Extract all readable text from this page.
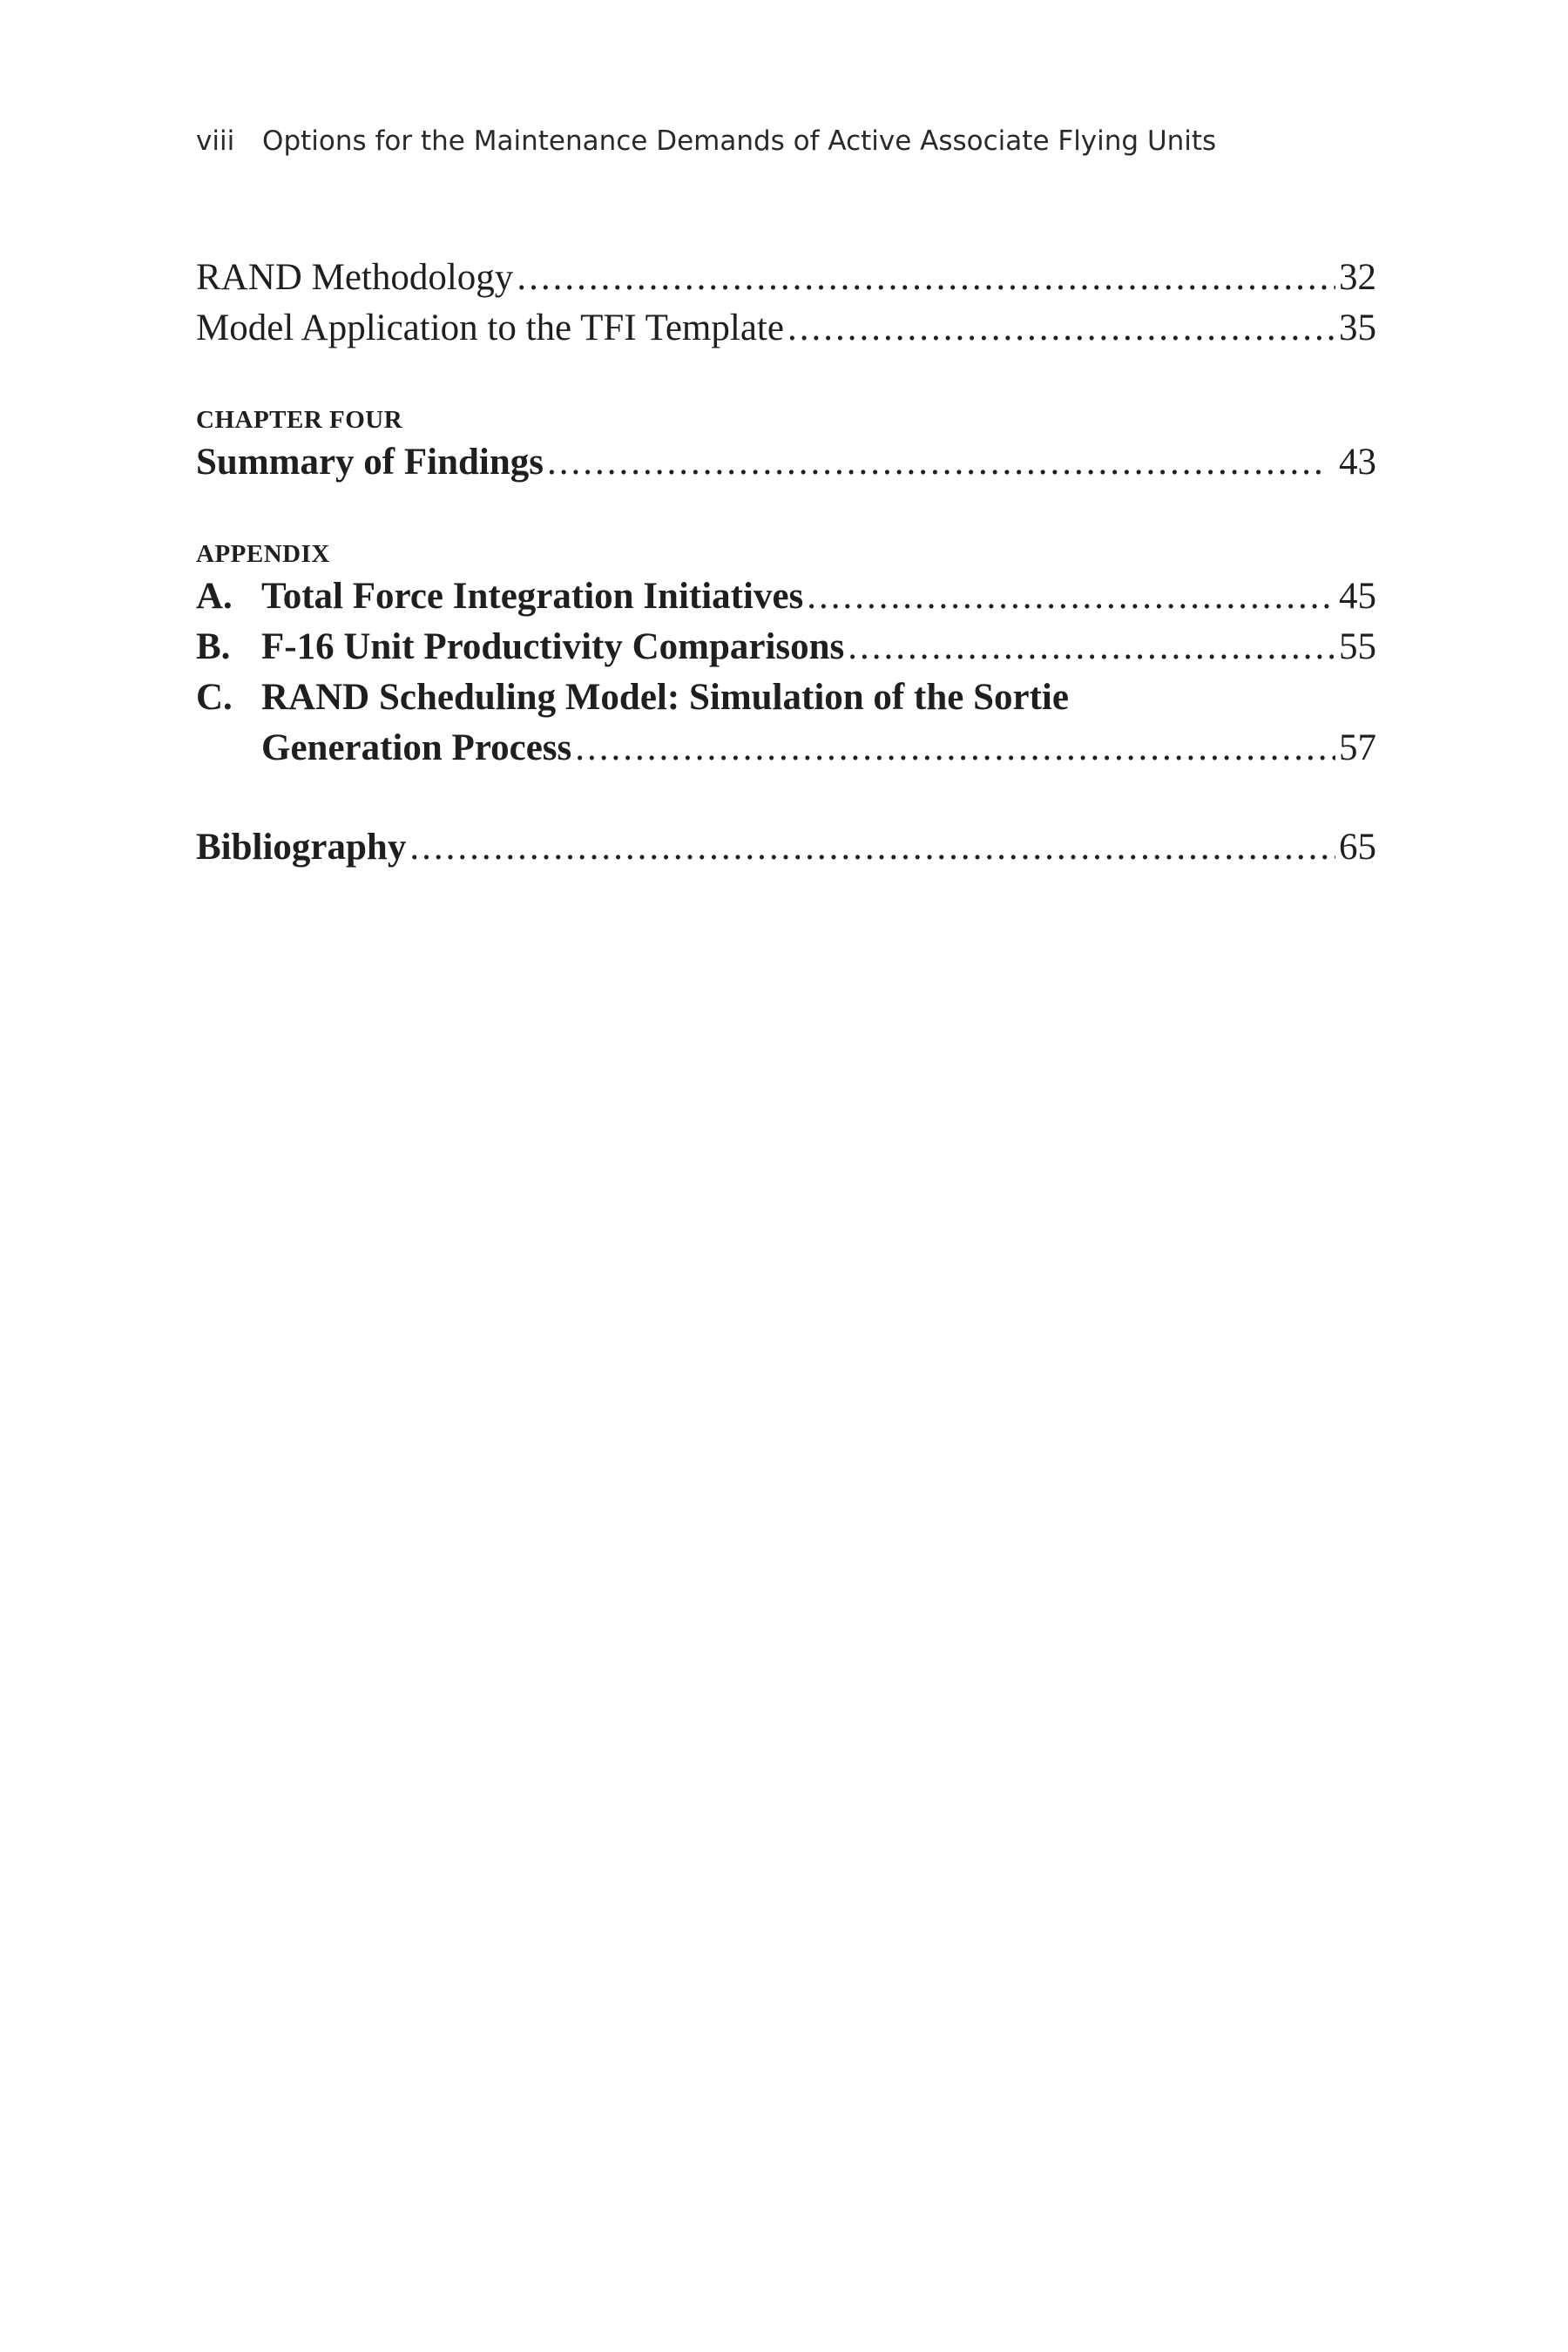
viii Options for the Maintenance Demands of Active Associate Flying Units
RAND Methodology .....	32
Model Application to the TFI Template .....	35
CHAPTER FOUR
Summary of Findings .....	43
APPENDIX
A. Total Force Integration Initiatives .....	45
B. F-16 Unit Productivity Comparisons .....	55
C. RAND Scheduling Model: Simulation of the Sortie
Generation Process .....	57
Bibliography .....	65
